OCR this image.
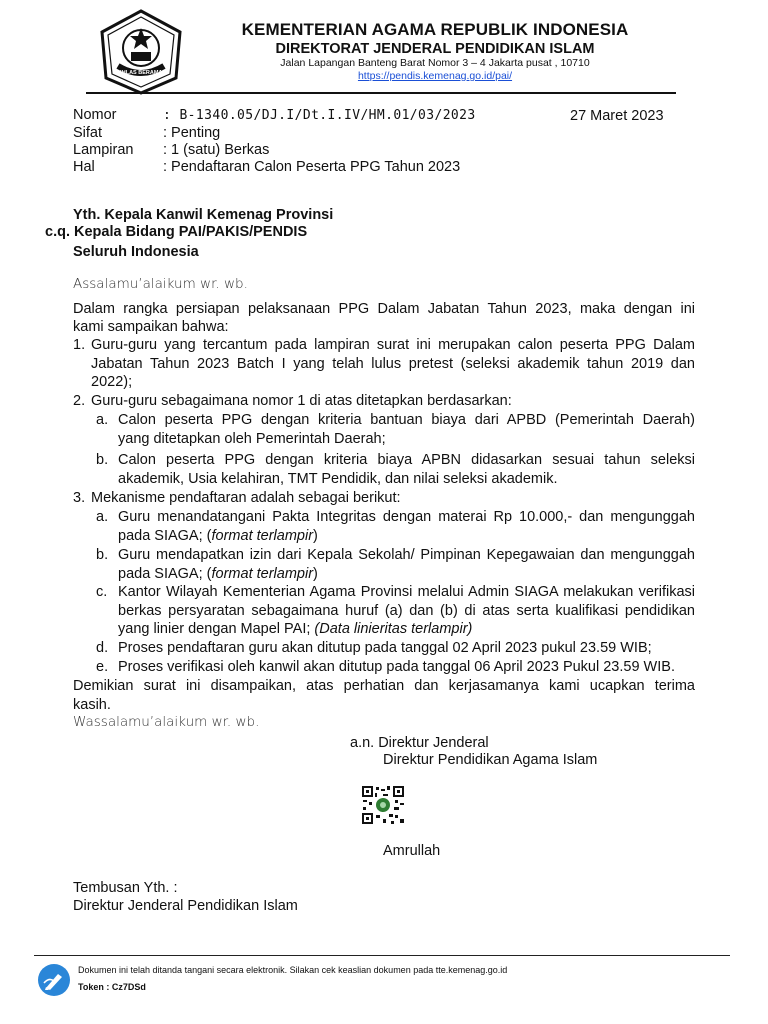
IKHLAS BERAMAL
KEMENTERIAN AGAMA REPUBLIK INDONESIA
DIREKTORAT JENDERAL PENDIDIKAN ISLAM
Jalan Lapangan Banteng Barat Nomor 3 – 4 Jakarta pusat , 10710
https://pendis.kemenag.go.id/pai/
Nomor	: B-1340.05/DJ.I/Dt.I.IV/HM.01/03/2023
Sifat	: Penting
Lampiran : 1 (satu) Berkas
Hal	: Pendaftaran Calon Peserta PPG Tahun 2023
27 Maret 2023
Yth. Kepala Kanwil Kemenag Provinsi
c.q. Kepala Bidang PAI/PAKIS/PENDIS
Seluruh Indonesia
Assalamu’alaikum wr. wb.
Dalam rangka persiapan pelaksanaan PPG Dalam Jabatan Tahun 2023, maka dengan ini
kami sampaikan bahwa:
1. Guru-guru yang tercantum pada lampiran surat ini merupakan calon peserta PPG Dalam
Jabatan Tahun 2023 Batch I yang telah lulus pretest (seleksi akademik tahun 2019 dan
2022);
2. Guru-guru sebagaimana nomor 1 di atas ditetapkan berdasarkan:
a. Calon peserta PPG dengan kriteria bantuan biaya dari APBD (Pemerintah Daerah)
yang ditetapkan oleh Pemerintah Daerah;
b. Calon peserta PPG dengan kriteria biaya APBN didasarkan sesuai tahun seleksi
akademik, Usia kelahiran, TMT Pendidik, dan nilai seleksi akademik.
3. Mekanisme pendaftaran adalah sebagai berikut:
a. Guru menandatangani Pakta Integritas dengan materai Rp 10.000,- dan mengunggah
pada SIAGA; (format terlampir)
b. Guru mendapatkan izin dari Kepala Sekolah/ Pimpinan Kepegawaian dan mengunggah
pada SIAGA; (format terlampir)
c. Kantor Wilayah Kementerian Agama Provinsi melalui Admin SIAGA melakukan verifikasi
berkas persyaratan sebagaimana huruf (a) dan (b) di atas serta kualifikasi pendidikan
yang linier dengan Mapel PAI; (Data linieritas terlampir)
d. Proses pendaftaran guru akan ditutup pada tanggal 02 April 2023 pukul 23.59 WIB;
e. Proses verifikasi oleh kanwil akan ditutup pada tanggal 06 April 2023 Pukul 23.59 WIB.
Demikian surat ini disampaikan, atas perhatian dan kerjasamanya kami ucapkan terima
kasih.
Wassalamu’alaikum wr. wb.
a.n. Direktur Jenderal
Direktur Pendidikan Agama Islam
Amrullah
Tembusan Yth. :
Direktur Jenderal Pendidikan Islam
Dokumen ini telah ditanda tangani secara elektronik. Silakan cek keaslian dokumen pada tte.kemenag.go.id
Token : Cz7DSd
